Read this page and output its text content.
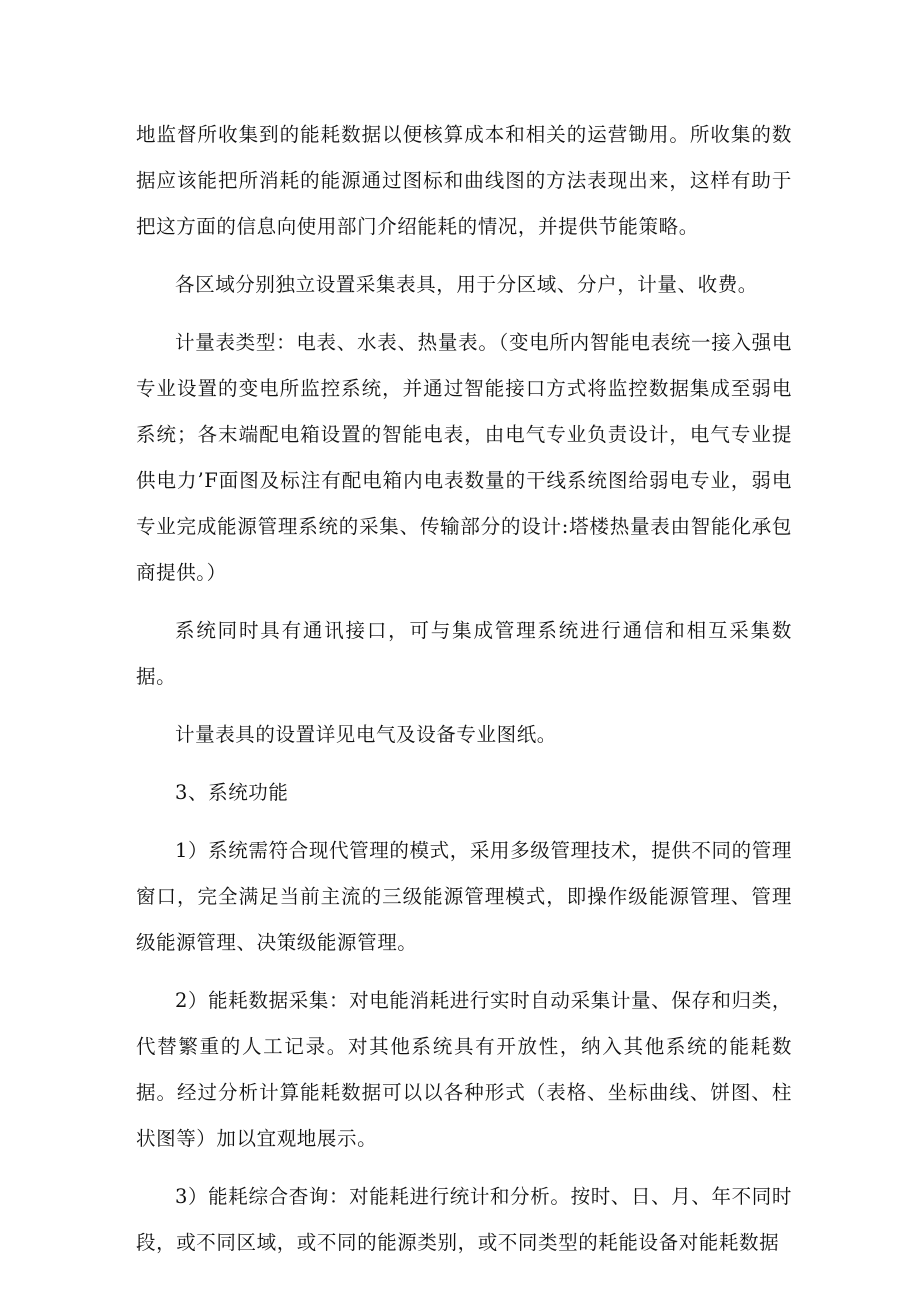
地监督所收集到的能耗数据以便核算成本和相关的运营锄用。所收集的数据应该能把所消耗的能源通过图标和曲线图的方法表现出来，这样有助于把这方面的信息向使用部门介绍能耗的情况，并提供节能策略。

各区域分别独立设置采集表具，用于分区域、分户，计量、收费。

计量表类型：电表、水表、热量表。（变电所内智能电表统一接入强电专业设置的变电所监控系统，并通过智能接口方式将监控数据集成至弱电系统；各末端配电箱设置的智能电表，由电气专业负责设计，电气专业提供电力’F面图及标注有配电箱内电表数量的干线系统图给弱电专业，弱电专业完成能源管理系统的采集、传输部分的设计:塔楼热量表由智能化承包商提供。）

系统同时具有通讯接口，可与集成管理系统进行通信和相互采集数据。

计量表具的设置详见电气及设备专业图纸。

3、系统功能

1）系统需符合现代管理的模式，采用多级管理技术，提供不同的管理窗口，完全满足当前主流的三级能源管理模式，即操作级能源管理、管理级能源管理、决策级能源管理。

2）能耗数据采集：对电能消耗进行实时自动采集计量、保存和归类，代替繁重的人工记录。对其他系统具有开放性，纳入其他系统的能耗数据。经过分析计算能耗数据可以以各种形式（表格、坐标曲线、饼图、柱状图等）加以宜观地展示。

3）能耗综合杳询：对能耗进行统计和分析。按时、日、月、年不同时段，或不同区域，或不同的能源类别，或不同类型的耗能设备对能耗数据
